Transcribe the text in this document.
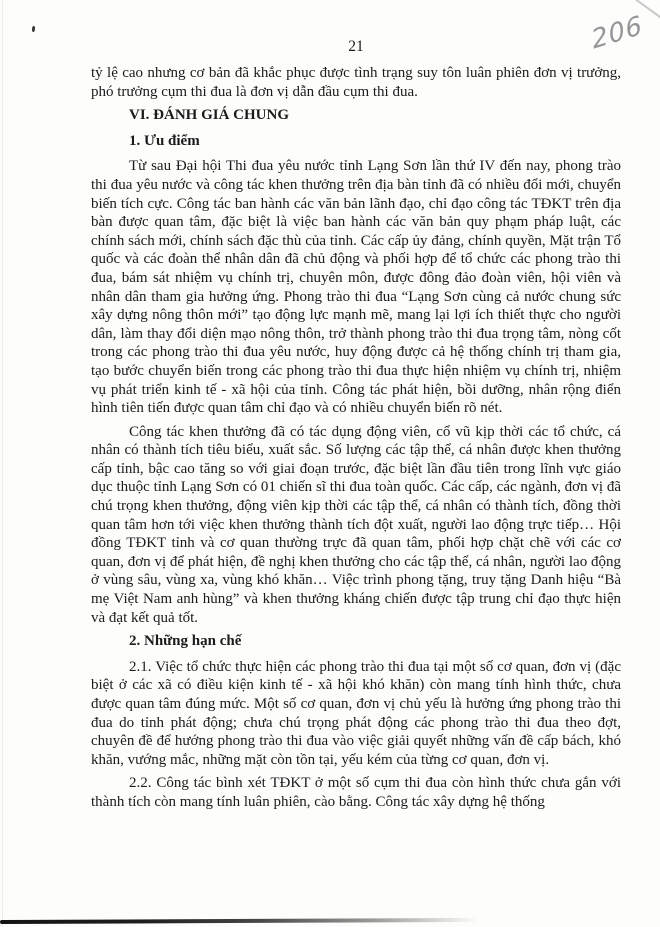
206
21

tỷ lệ cao nhưng cơ bản đã khắc phục được tình trạng suy tôn luân phiên đơn vị trưởng, phó trưởng cụm thi đua là đơn vị dẫn đầu cụm thi đua.

VI. ĐÁNH GIÁ CHUNG

1. Ưu điểm

Từ sau Đại hội Thi đua yêu nước tỉnh Lạng Sơn lần thứ IV đến nay, phong trào thi đua yêu nước và công tác khen thưởng trên địa bàn tỉnh đã có nhiều đổi mới, chuyển biến tích cực. Công tác ban hành các văn bản lãnh đạo, chỉ đạo công tác TĐKT trên địa bàn được quan tâm, đặc biệt là việc ban hành các văn bản quy phạm pháp luật, các chính sách mới, chính sách đặc thù của tỉnh. Các cấp ủy đảng, chính quyền, Mặt trận Tổ quốc và các đoàn thể nhân dân đã chủ động và phối hợp để tổ chức các phong trào thi đua, bám sát nhiệm vụ chính trị, chuyên môn, được đông đảo đoàn viên, hội viên và nhân dân tham gia hưởng ứng. Phong trào thi đua “Lạng Sơn cùng cả nước chung sức xây dựng nông thôn mới” tạo động lực mạnh mẽ, mang lại lợi ích thiết thực cho người dân, làm thay đổi diện mạo nông thôn, trở thành phong trào thi đua trọng tâm, nòng cốt trong các phong trào thi đua yêu nước, huy động được cả hệ thống chính trị tham gia, tạo bước chuyển biến trong các phong trào thi đua thực hiện nhiệm vụ chính trị, nhiệm vụ phát triển kinh tế - xã hội của tỉnh. Công tác phát hiện, bồi dưỡng, nhân rộng điển hình tiên tiến được quan tâm chỉ đạo và có nhiều chuyển biến rõ nét.

Công tác khen thưởng đã có tác dụng động viên, cổ vũ kịp thời các tổ chức, cá nhân có thành tích tiêu biểu, xuất sắc. Số lượng các tập thể, cá nhân được khen thưởng cấp tỉnh, bậc cao tăng so với giai đoạn trước, đặc biệt lần đầu tiên trong lĩnh vực giáo dục thuộc tỉnh Lạng Sơn có 01 chiến sĩ thi đua toàn quốc. Các cấp, các ngành, đơn vị đã chú trọng khen thưởng, động viên kịp thời các tập thể, cá nhân có thành tích, đồng thời quan tâm hơn tới việc khen thưởng thành tích đột xuất, người lao động trực tiếp… Hội đồng TĐKT tỉnh và cơ quan thường trực đã quan tâm, phối hợp chặt chẽ với các cơ quan, đơn vị để phát hiện, đề nghị khen thưởng cho các tập thể, cá nhân, người lao động ở vùng sâu, vùng xa, vùng khó khăn… Việc trình phong tặng, truy tặng Danh hiệu “Bà mẹ Việt Nam anh hùng” và khen thưởng kháng chiến được tập trung chỉ đạo thực hiện và đạt kết quả tốt.

2. Những hạn chế

2.1. Việc tổ chức thực hiện các phong trào thi đua tại một số cơ quan, đơn vị (đặc biệt ở các xã có điều kiện kinh tế - xã hội khó khăn) còn mang tính hình thức, chưa được quan tâm đúng mức. Một số cơ quan, đơn vị chủ yếu là hưởng ứng phong trào thi đua do tỉnh phát động; chưa chú trọng phát động các phong trào thi đua theo đợt, chuyên đề để hướng phong trào thi đua vào việc giải quyết những vấn đề cấp bách, khó khăn, vướng mắc, những mặt còn tồn tại, yếu kém của từng cơ quan, đơn vị.

2.2. Công tác bình xét TĐKT ở một số cụm thi đua còn hình thức chưa gắn với thành tích còn mang tính luân phiên, cào bằng. Công tác xây dựng hệ thống
